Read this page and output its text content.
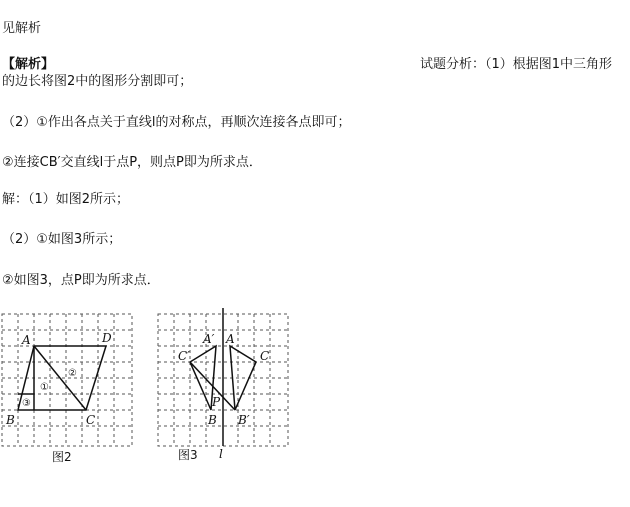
见解析
【解析】	试题分析：（1）根据图1中三角形
的边长将图2中的图形分割即可；
（2）①作出各点关于直线l的对称点，再顺次连接各点即可；
②连接CB′交直线l于点P，则点P即为所求点．
解：（1）如图2所示；
（2）①如图3所示；
②如图3，点P即为所求点．
A	D
B	C
①
②
③
图2
A′ A
C′	C
P
B B′
l
图3
